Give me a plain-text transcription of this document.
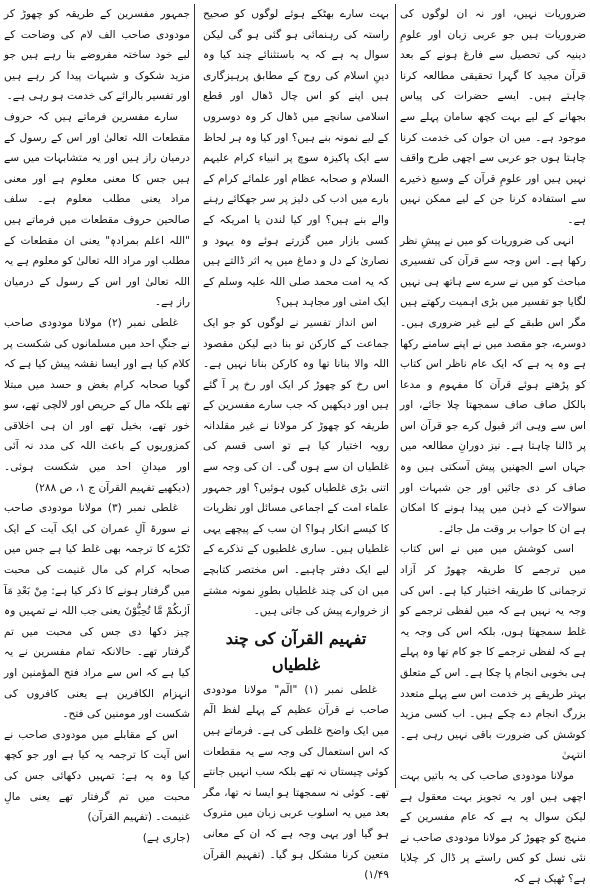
ضروریات نہیں، اور نہ ان لوگوں کی ضروریات ہیں جو عربی زبان اور علومِ دینیہ کی تحصیل سے فارغ ہونے کے بعد قرآن مجید کا گہرا تحقیقی مطالعہ کرنا چاہتے ہیں۔ ایسے حضرات کی پیاس بجھانے کے لیے بہت کچھ سامان پہلے سے موجود ہے۔ میں ان جوان کی خدمت کرنا چاہتا ہوں جو عربی سے اچھی طرح واقف نہیں ہیں اور علومِ قرآن کے وسیع ذخیرے سے استفادہ کرنا جن کے لیے ممکن نہیں ہے۔

انہی کی ضروریات کو میں نے پیشِ نظر رکھا ہے۔ اس وجہ سے قرآن کی تفسیری مباحث کو میں نے سرے سے ہاتھ ہی نہیں لگایا جو تفسیر میں بڑی اہمیت رکھتے ہیں مگر اس طبقے کے لیے غیر ضروری ہیں۔ دوسرے، جو مقصد میں نے اپنے سامنے رکھا ہے وہ یہ ہے کہ ایک عام ناظر اس کتاب کو پڑھتے ہوئے قرآن کا مفہوم و مدعا بالکل صاف صاف سمجھتا چلا جائے، اور اس سے وہی اثر قبول کرے جو قرآن اس پر ڈالنا چاہتا ہے۔ نیز دورانِ مطالعہ میں جہاں اسے الجھنیں پیش آسکتی ہیں وہ صاف کر دی جائیں اور جن شبہات اور سوالات کے ذہن میں پیدا ہونے کا امکان ہے ان کا جواب بر وقت مل جائے۔

اسی کوشش میں میں نے اس کتاب میں ترجمے کا طریقہ چھوڑ کر آزاد ترجمانی کا طریقہ اختیار کیا ہے۔ اس کی وجہ یہ نہیں ہے کہ میں لفظی ترجمے کو غلط سمجھتا ہوں، بلکہ اس کی وجہ یہ ہے کہ لفظی ترجمے کا جو کام تھا وہ پہلے ہی بخوبی انجام پا چکا ہے۔ اس کے متعلق بہتر طریقے پر خدمت اس سے پہلے متعدد بزرگ انجام دے چکے ہیں۔ اب کسی مزید کوشش کی ضرورت باقی نہیں رہی ہے۔ انتہیٰ

مولانا مودودی صاحب کی یہ باتیں بہت اچھی ہیں اور یہ تجویز بہت معقول ہے لیکن سوال یہ ہے کہ عام مفسرین کے منہج کو چھوڑ کر مولانا مودودی صاحب نے نئی نسل کو کس راستے پر ڈال کر چلایا ہے؟ ٹھیک ہے کہ

بہت سارے بھٹکے ہوئے لوگوں کو صحیح راستہ کی رہنمائی ہو گئی ہو گی لیکن سوال یہ ہے کہ یہ باستثنائے چند کیا وہ دینِ اسلام کی روح کے مطابق پرہیزگاری ہیں اپنے کو اس چال ڈھال اور قطع اسلامی سانچے میں ڈھال کر وہ دوسروں کے لیے نمونہ بنے ہیں؟ اور کیا وہ ہر لحاظ سے ایک پاکیزہ سوچ پر انبیاء کرام علیہم السلام و صحابہ عظام اور علمائے کرام کے بارے میں ادب کی دلیز پر سر جھکائے رہنے والے بنے ہیں؟ اور کیا لندن یا امریکہ کے کسی بازار میں گزرتے ہوئے وہ یہود و نصاریٰ کے دل و دماغ میں یہ اثر ڈالتے ہیں کہ یہ امت محمد صلی اللہ علیہ وسلم کے ایک امتی اور مجاہد ہیں؟

اس انداز تفسیر نے لوگوں کو جو ایک جماعت کے کارکن تو بنا دیے لیکن مقصود اللہ والا بنانا تھا وہ کارکن بنانا نہیں ہے۔ اس رخ کو چھوڑ کر ایک اور رخ پر آ گئے ہیں اور دیکھیں کہ جب سارے مفسرین کے طریقہ کو چھوڑ کر مولانا نے غیر مقلدانہ رویہ اختیار کیا ہے تو اسی قسم کی غلطیاں ان سے ہوں گی۔ ان کی وجہ سے اتنی بڑی غلطیاں کیوں ہوئیں؟ اور جمہور علماء امت کے اجماعی مسائل اور نظریات کا کیسے انکار ہوا؟ ان سب کے پیچھے یہی غلطیاں ہیں۔ ساری غلطیوں کے تذکرے کے لیے ایک دفتر چاہیے۔ اس مختصر کتابچے میں ان کی چند غلطیاں بطورِ نمونہ مشتے از خروارے پیش کی جاتی ہیں۔

تفہیم القرآن کی چند غلطیاں

غلطی نمبر (۱) "الٓم" مولانا مودودی صاحب نے قرآن عظیم کے پہلے لفظ الٓم میں ایک واضح غلطی کی ہے۔ فرماتے ہیں کہ اس استعمال کی وجہ سے یہ مقطعات کوئی چیستاں نہ تھے بلکہ سب انہیں جانتے تھے۔ کوئی نہ سمجھتا ہو ایسا نہ تھا، مگر بعد میں یہ اسلوب عربی زبان میں متروک ہو گیا اور یہی وجہ ہے کہ ان کے معانی متعین کرنا مشکل ہو گیا۔ (تفہیم القرآن ۱/۴۹)

جمہور مفسرین کے طریقہ کو چھوڑ کر مودودی صاحب الف لام کی وضاحت کے لیے خود ساختہ مفروضے بنا رہے ہیں جو مزید شکوک و شبہات پیدا کر رہے ہیں اور تفسیر بالرائے کی خدمت ہو رہی ہے۔

سارے مفسرین فرماتے ہیں کہ حروف مقطعات اللہ تعالیٰ اور اس کے رسول کے درمیان راز ہیں اور یہ متشابہات میں سے ہیں جس کا معنی معلوم ہے اور معنی مراد یعنی مطلب معلوم ہے۔ سلف صالحین حروف مقطعات میں فرماتے ہیں "اللہ اعلم بمرادہٖ" یعنی ان مقطعات کے مطلب اور مراد اللہ تعالیٰ کو معلوم ہے یہ اللہ تعالیٰ اور اس کے رسول کے درمیان راز ہے۔

غلطی نمبر (۲) مولانا مودودی صاحب نے جنگِ احد میں مسلمانوں کی شکست پر کلام کیا ہے اور ایسا نقشہ پیش کیا ہے کہ گویا صحابہ کرام بغض و حسد میں مبتلا تھے بلکہ مال کے حریص اور لالچی تھے، سو خور تھے، بخیل تھے اور ان ہی اخلاقی کمزوریوں کے باعث اللہ کی مدد نہ آئی اور میدانِ احد میں شکست ہوئی۔ (دیکھیے تفہیم القرآن ج ۱، ص ۲۸۸)

غلطی نمبر (۳) مولانا مودودی صاحب نے سورۃ آلِ عمران کی ایک آیت کے ایک ٹکڑے کا ترجمہ بھی غلط کیا ہے جس میں صحابہ کرام کی مال غنیمت کی محبت میں گرفتار ہونے کا ذکر کیا ہے: مِنْ بَعْدِ مَآ اَرٰىكُمْ مَّا تُحِبُّوْنَ یعنی جب اللہ نے تمہیں وہ چیز دکھا دی جس کی محبت میں تم گرفتار تھے۔ حالانکہ تمام مفسرین نے یہ کیا ہے کہ اس سے مراد فتح المؤمنین اور انہزام الکافرین ہے یعنی کافروں کی شکست اور مومنین کی فتح۔

اس کے مقابلے میں مودودی صاحب نے اس آیت کا ترجمہ یہ کیا ہے اور جو کچھ کیا وہ یہ ہے: تمہیں دکھائی جس کی محبت میں تم گرفتار تھے یعنی مالِ غنیمت۔ (تفہیم القرآن)

(جاری ہے)
